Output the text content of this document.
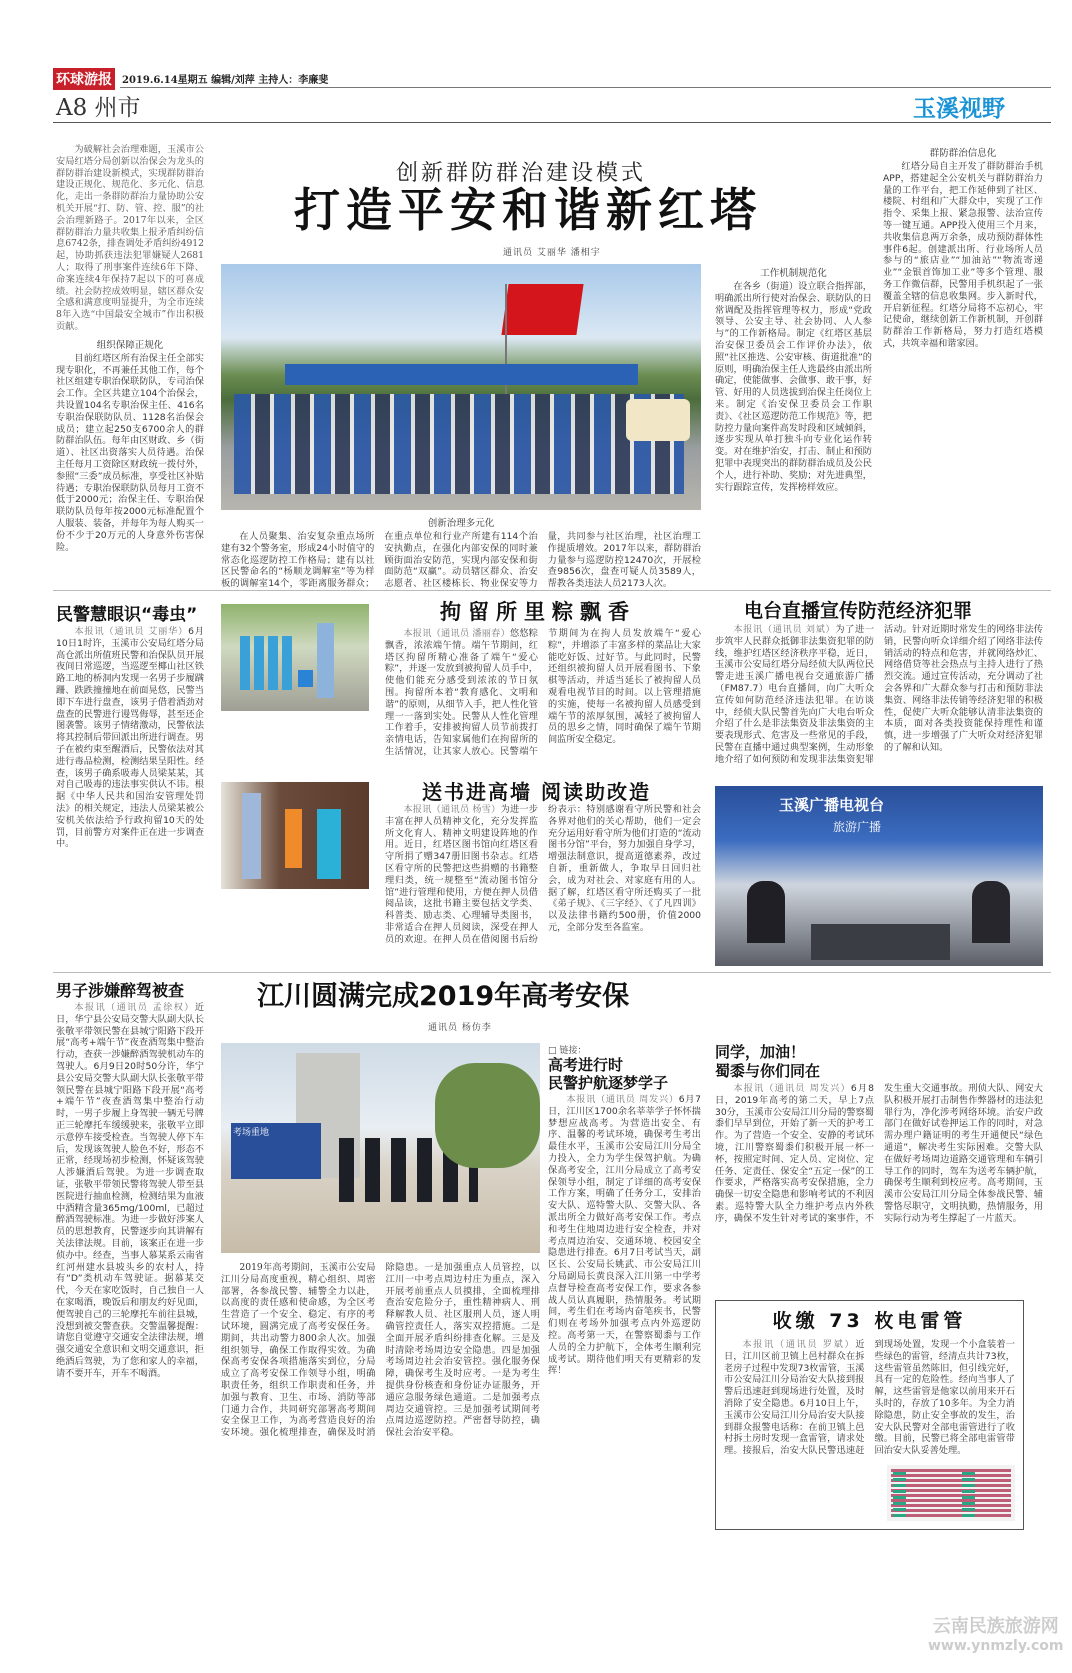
环球游报	2019.6.14星期五 编辑/刘萍 主持人：李廉斐
A8 州市	玉溪视野

为破解社会治理难题，玉溪市公安局红塔分局创新以治保会为龙头的群防群治建设新模式，实现群防群治建设正规化、规范化、多元化、信息化，走出一条群防群治力量协助公安机关开展“打、防、管、控、服”的社会治理新路子。2017年以来，全区群防群治力量共收集上报矛盾纠纷信息6742条，排查调处矛盾纠纷4912起，协助抓获违法犯罪嫌疑人2681人；取得了刑事案件连续6年下降、命案连续4年保持7起以下的可喜成绩。社会防控成效明显，辖区群众安全感和满意度明显提升，为全市连续8年入选“中国最安全城市”作出积极贡献。

组织保障正规化

目前红塔区所有治保主任全部实现专职化，不再兼任其他工作，每个社区组建专职治保联防队，专司治保会工作。全区共建立104个治保会，共设置104名专职治保主任、416名专职治保联防队员、1128名治保会成员；建立起250支6700余人的群防群治队伍。每年由区财政、乡（街道）、社区出资落实人员待遇。治保主任每月工资除区财政统一拨付外，参照“三委”成员标准，享受社区补贴待遇；专职治保联防队员每月工资不低于2000元；治保主任、专职治保联防队员每年按2000元标准配置个人服装、装备，并每年为每人购买一份不少于20万元的人身意外伤害保险。

创新群防群治建设模式
打造平安和谐新红塔
通讯员 艾丽华 潘相宇
创新治理多元化

在人员聚集、治安复杂重点场所建有32个警务室，形成24小时值守的常态化巡逻防控工作格局；建有以社区民警命名的“杨顺龙调解室”等为样板的调解室14个，零距离服务群众；在重点单位和行业产所建有114个治安执勤点，在强化内部安保的同时兼顾街面治安防范，实现内部安保和街面防范“双赢”。动员辖区群众、治安志愿者、社区楼栋长、物业保安等力量，共同参与社区治理，社区治理工作提质增效。2017年以来，群防群治力量参与巡逻防控12470次，开展检查9856次，盘查可疑人员3589人，帮教各类违法人员2173人次。

工作机制规范化

在各乡（街道）设立联合指挥部，明确派出所行使对治保会、联防队的日常调配及指挥管理等权力，形成“党政领导、公安主导、社会协同、人人参与”的工作新格局。制定《红塔区基层治安保卫委员会工作评价办法》，依照“社区推选、公安审核、街道批准”的原则，明确治保主任人选最终由派出所确定，使能做事、会做事、敢干事，好管、好用的人员选拔到治保主任岗位上来。制定《治安保卫委员会工作职责》、《社区巡逻防范工作规范》等，把防控力量向案件高发时段和区域倾斜，逐步实现从单打独斗向专业化运作转变。对在维护治安，打击、制止和预防犯罪中表现突出的群防群治成员及公民个人，进行补助、奖励；对先进典型，实行跟踪宣传，发挥榜样效应。

群防群治信息化

红塔分局自主开发了群防群治手机APP，搭建起全公安机关与群防群治力量的工作平台，把工作延伸到了社区、楼院、村组和广大群众中，实现了工作指令、采集上报、紧急报警、法治宣传等一键互通。APP投入使用三个月来，共收集信息两万余条，成功预防群体性事件6起。创建派出所、行业场所人员参与的“旅店业”“加油站”“物流寄递业”“金银首饰加工业”等多个管理、服务工作微信群，民警用手机织起了一张覆盖全辖的信息收集网。步入新时代，开启新征程。红塔分局将不忘初心，牢记使命，继续创新工作新机制，开创群防群治工作新格局，努力打造红塔模式，共筑幸福和谐家园。

民警慧眼识“毒虫”

本报讯（通讯员 艾丽华）6月10日1时许，玉溪市公安局红塔分局高仓派出所值班民警和治保队员开展夜间日常巡逻，当巡逻至椰山社区铁路工地的桥洞内发现一名男子步履蹒跚、跌跌撞撞地在前面晃悠，民警当即下车进行盘查，该男子借着酒劲对盘查的民警进行谩骂侮辱，甚至还企图袭警。该男子情绪激动，民警依法将其控制后带回派出所进行调查。男子在被约束至醒酒后，民警依法对其进行毒品检测，检测结果呈阳性。经查，该男子确系吸毒人员梁某某，其对自己吸毒的违法事实供认不讳。根据《中华人民共和国治安管理处罚法》的相关规定，违法人员梁某被公安机关依法给予行政拘留10天的处罚，目前警方对案件正在进一步调查中。

拘留所里粽飘香

本报讯（通讯员 潘丽春）悠悠粽飘香，浓浓端午情。端午节期间，红塔区拘留所精心准备了端午“爱心粽”，并逐一发放到被拘留人员手中，使他们能充分感受到浓浓的节日氛围。拘留所本着“教育感化、文明和谐”的原则，从细节入手，把人性化管理一一落到实处。民警从人性化管理工作着手，安排被拘留人员节前拨打亲情电话，告知家属他们在拘留所的生活情况，让其家人放心。民警端午节期间为在拘人员发放端午“爱心粽”，并增添了丰富多样的菜品让大家能吃好饭、过好节。与此同时，民警还组织被拘留人员开展看图书、下象棋等活动，并适当延长了被拘留人员观看电视节目的时间。以上管理措施的实施，使每一名被拘留人员感受到端午节的浓厚氛围，减轻了被拘留人员的思乡之情，同时确保了端午节期间监所安全稳定。

送书进高墙 阅读助改造

本报讯（通讯员 杨雪）为进一步丰富在押人员精神文化，充分发挥监所文化育人、精神文明建设阵地的作用。近日，红塔区图书馆向红塔区看守所捐了赠347册旧图书杂志。红塔区看守所的民警把这些捐赠的书籍整理归类，统一规整至“流动图书馆分馆”进行管理和使用，方便在押人员借阅品读，这批书籍主要包括文学类、科普类、励志类、心理辅导类图书，非常适合在押人员阅读，深受在押人员的欢迎。在押人员在借阅图书后纷纷表示：特别感谢看守所民警和社会各界对他们的关心帮助，他们一定会充分运用好看守所为他们打造的“流动图书分馆”平台，努力加强自身学习，增强法制意识，提高道德素养，改过自新，重新做人，争取早日回归社会，成为对社会、对家庭有用的人。据了解，红塔区看守所还购买了一批《弟子规》、《三字经》、《了凡四训》以及法律书籍约500册，价值2000元，全部分发至各监室。

电台直播宣传防范经济犯罪

本报讯（通讯员 刘斌）为了进一步筑牢人民群众抵御非法集资犯罪的防线，维护红塔区经济秩序平稳，近日，玉溪市公安局红塔分局经侦大队两位民警走进玉溪广播电视台交通旅游广播（FM87.7）电台直播间，向广大听众宣传如何防范经济违法犯罪。在访谈中，经侦大队民警首先向广大电台听众介绍了什么是非法集资及非法集资的主要表现形式、危害及一些常见的手段，民警在直播中通过典型案例，生动形象地介绍了如何预防和发现非法集资犯罪活动。针对近期时常发生的网络非法传销，民警向听众详细介绍了网络非法传销活动的特点和危害，并就网络炒汇、网络借贷等社会热点与主持人进行了热烈交流。通过宣传活动，充分调动了社会各界和广大群众参与打击和预防非法集资、网络非法传销等经济犯罪的积极性，促使广大听众能够认清非法集资的本质，面对各类投资能保持理性和谨慎，进一步增强了广大听众对经济犯罪的了解和认知。

玉溪广播电视台
旅游广播
男子涉嫌醉驾被查

本报讯（通讯员 孟徐权）近日，华宁县公安局交警大队副大队长张敬平带领民警在县城宁阳路下段开展“高考+端午节”夜查酒驾集中整治行动，查获一涉嫌醉酒驾驶机动车的驾驶人。6月9日20时50分许，华宁县公安局交警大队副大队长张敬平带领民警在县城宁阳路下段开展“高考+端午节”夜查酒驾集中整治行动时，一男子步履上身驾驶一辆无号牌正三轮摩托车缓缓驶来，张敬平立即示意停车接受检查。当驾驶人停下车后，发现该驾驶人脸色不好，形态不正常，经现场初步检测，怀疑该驾驶人涉嫌酒后驾驶。为进一步调查取证，张敬平带领民警将驾驶人带至县医院进行抽血检测，检测结果为血液中酒精含量365mg/100ml，已超过醉酒驾驶标准。为进一步做好涉案人员的思想教育，民警逐步向其讲解有关法律法规。目前，该案正在进一步侦办中。经查，当事人慕某系云南省红河州建水县坡头乡的农村人，持有“D”类机动车驾驶证。据慕某交代，今天在家吃饭时，自己独自一人在家喝酒，晚饭后和朋友约好见面，便驾驶自己的三轮摩托车前往县城，没想到被交警查获。交警温馨提醒：请您自觉遵守交通安全法律法规，增强交通安全意识和文明交通意识，拒绝酒后驾驶，为了您和家人的幸福，请不要开车，开车不喝酒。

江川圆满完成2019年高考安保
通讯员 杨仿李
考场重地

2019年高考期间，玉溪市公安局江川分局高度重视，精心组织、周密部署，各参战民警、辅警全力以赴，以高度的责任感和使命感，为全区考生营造了一个安全、稳定、有序的考试环境，圆满完成了高考安保任务。期间，共出动警力800余人次。加强组织领导，确保工作取得实效。为确保高考安保各项措施落实到位，分局成立了高考安保工作领导小组，明确职责任务，组织工作职责和任务，并加强与教育、卫生、市场、消防等部门通力合作，共同研究部署高考期间安全保卫工作，为高考营造良好的治安环境。强化梳理排查，确保及时消除隐患。一是加强重点人员管控，以江川一中考点周边村庄为重点，深入开展考前重点人员摸排，全面梳理排查治安危险分子，重性精神病人、刑释解教人员、社区服刑人员，逐人明确管控责任人，落实双控措施。二是全面开展矛盾纠纷排查化解。三是及时清除考场周边安全隐患。四是加强考场周边社会治安管控。强化服务保障，确保考生及时应考。一是为考生提供身份核查和身份证办证服务，开通应急服务绿色通道。二是加强考点周边交通管控。三是加强考试期间考点周边巡逻防控。严密督导防控，确保社会治安平稳。

□ 链接：
高考进行时
民警护航逐梦学子

本报讯（通讯员 周发兴）6月7日，江川区1700余名莘莘学子怀怀揣梦想应战高考。为营造出安全、有序、温馨的考试环境，确保考生考出最佳水平，玉溪市公安局江川分局全力投入，全力为学生保驾护航。为确保高考安全，江川分局成立了高考安保领导小组，制定了详细的高考安保工作方案，明确了任务分工，安排治安大队、巡特警大队、交警大队、各派出所全力做好高考安保工作。考点和考生住地周边进行安全检查，并对考点周边治安、交通环境、校园安全隐患进行排查。6月7日考试当天，副区长、公安局长姚武、市公安局江川分局副局长黄良深入江川第一中学考点督导检查高考安保工作，要求各参战人员认真履职，热情服务。考试期间，考生们在考场内奋笔疾书，民警们则在考场外加强考点内外巡逻防控。高考第一天，在警察蜀黍与工作人员的全力护航下，全体考生顺利完成考试。期待他们明天有更精彩的发挥！

同学，加油！
蜀黍与你们同在

本报讯（通讯员 周发兴）6月8日，2019年高考的第二天，早上7点30分，玉溪市公安局江川分局的警察蜀黍们早早到位，开始了新一天的护考工作。为了营造一个安全、安静的考试环境，江川警察蜀黍们积极开展一杯一杯，按照定时间、定人员、定岗位、定任务、定责任、保安全“五定一保”的工作要求，严格落实高考安保措施，全力确保一切安全隐患和影响考试的不利因素。巡特警大队全力维护考点内外秩序，确保不发生针对考试的案事件，不发生重大交通事故。刑侦大队、网安大队积极开展打击制售作弊器材的违法犯罪行为，净化涉考网络环境。治安户政部门在做好试卷押运工作的同时，对急需办理户籍证明的考生开通便民“绿色通道”，解决考生实际困难。交警大队在做好考场周边道路交通管理和车辆引导工作的同时，驾车为送考车辆护航，确保考生顺利到校应考。高考期间，玉溪市公安局江川分局全体参战民警、辅警恪尽职守，文明执勤，热情服务，用实际行动为考生撑起了一片蓝天。

收缴 73 枚电雷管

本报讯（通讯员 罗斌）近日，江川区前卫镇上邑村群众在拆老房子过程中发现73枚雷管，玉溪市公安局江川分局治安大队接到报警后迅速赶到现场进行处置，及时消除了安全隐患。6月10日上午，玉溪市公安局江川分局治安大队接到群众报警电话称：在前卫镇上邑村拆土房时发现一盒雷管，请求处理。接报后，治安大队民警迅速赶到现场处置，发现一个小盒装着一些绿色的雷管，经清点共计73枚，这些雷管虽然陈旧，但引线完好，具有一定的危险性。经向当事人了解，这些雷管是他家以前用来开石头时的，存放了10多年。为全力消除隐患，防止安全事故的发生，治安大队民警对全部电雷管进行了收缴。目前，民警已将全部电雷管带回治安大队妥善处理。

云南民族旅游网
www.ynmzly.com
